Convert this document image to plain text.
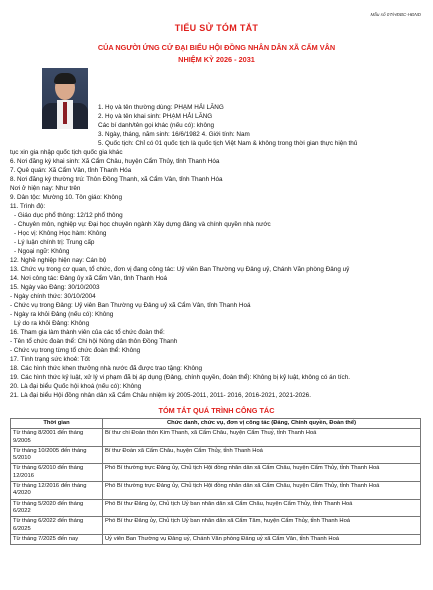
Mẫu số 07/HĐBC-HĐND
TIỂU SỬ TÓM TẮT
CỦA NGƯỜI ỨNG CỬ ĐẠI BIỂU HỘI ĐỒNG NHÂN DÂN XÃ CẨM VÂN
NHIỆM KỲ 2026 - 2031
1. Họ và tên thường dùng: PHẠM HẢI LĂNG
2. Họ và tên khai sinh: PHẠM HẢI LĂNG
Các bí danh/tên gọi khác (nếu có): không
3. Ngày, tháng, năm sinh: 16/6/1982 4. Giới tính: Nam
5. Quốc tịch: Chỉ có 01 quốc tịch là quốc tịch Việt Nam & không trong thời gian thực hiện thủ
tục xin gia nhập quốc tịch quốc gia khác
6. Nơi đăng ký khai sinh: Xã Cẩm Châu, huyện Cẩm Thủy, tỉnh Thanh Hóa
7. Quê quán: Xã Cẩm Vân, tỉnh Thanh Hóa
8. Nơi đăng ký thường trú: Thôn Đồng Thanh, xã Cẩm Vân, tỉnh Thanh Hóa
Nơi ở hiện nay: Như trên
9. Dân tộc: Mường 10. Tôn giáo: Không
11. Trình độ:
- Giáo dục phổ thông: 12/12 phổ thông
- Chuyên môn, nghiệp vụ: Đại học chuyên ngành Xây dựng đảng và chính quyền nhà nước
- Học vị: Không Học hàm: Không
- Lý luận chính trị: Trung cấp
- Ngoại ngữ: Không
12. Nghề nghiệp hiện nay: Cán bộ
13. Chức vụ trong cơ quan, tổ chức, đơn vị đang công tác: Uỷ viên Ban Thường vụ Đảng uỷ, Chánh Văn phòng Đảng uỷ
14. Nơi công tác: Đảng ủy xã Cẩm Vân, tỉnh Thanh Hoá
15. Ngày vào Đảng: 30/10/2003
- Ngày chính thức: 30/10/2004
- Chức vụ trong Đảng: Uỷ viên Ban Thường vụ Đảng uỷ xã Cẩm Vân, tỉnh Thanh Hoá
- Ngày ra khỏi Đảng (nếu có): Không
Lý do ra khỏi Đảng: Không
16. Tham gia làm thành viên của các tổ chức đoàn thể:
- Tên tổ chức đoàn thể: Chi hội Nông dân thôn Đồng Thanh
- Chức vụ trong từng tổ chức đoàn thể: Không
17. Tình trạng sức khoẻ: Tốt
18. Các hình thức khen thưởng nhà nước đã được trao tặng: Không
19. Các hình thức kỷ luật, xử lý vi phạm đã bị áp dụng (Đảng, chính quyền, đoàn thể): Không bị kỷ luật, không có án tích.
20. Là đại biểu Quốc hội khoá (nếu có): Không
21. Là đại biểu Hội đồng nhân dân xã Cẩm Châu nhiệm kỳ 2005-2011, 2011- 2016, 2016-2021, 2021-2026.
TÓM TẮT QUÁ TRÌNH CÔNG TÁC
Thời gian	Chức danh, chức vụ, đơn vị công tác (Đảng, Chính quyền, Đoàn thể)
Từ tháng 8/2001 đến tháng 9/2005	Bí thư chi Đoàn thôn Kim Thanh, xã Cẩm Châu, huyện Cẩm Thuỷ, tỉnh Thanh Hoá
Từ tháng 10/2005 đến tháng 5/2010	Bí thư Đoàn xã Cẩm Châu, huyện Cẩm Thủy, tỉnh Thanh Hoá
Từ tháng 6/2010 đến tháng 12/2016	Phó Bí thường trực Đảng ủy, Chủ tịch Hội đồng nhân dân xã Cẩm Châu, huyện Cẩm Thủy, tỉnh Thanh Hoá
Từ tháng 12/2016 đến tháng 4/2020	Phó Bí thường trực Đảng ủy, Chủ tịch Hội đồng nhân dân xã Cẩm Châu, huyện Cẩm Thủy, tỉnh Thanh Hoá
Từ tháng 5/2020 đến tháng 6/2022	Phó Bí thư Đảng ủy, Chủ tịch Uỷ ban nhân dân xã Cẩm Châu, huyện Cẩm Thủy, tỉnh Thanh Hoá
Từ tháng 6/2022 đến tháng 6/2025	Phó Bí thư Đảng ủy, Chủ tịch Uỷ ban nhân dân xã Cẩm Tâm, huyện Cẩm Thủy, tỉnh Thanh Hoá
Từ tháng 7/2025 đến nay	Uỷ viên Ban Thường vụ Đảng uỷ, Chánh Văn phòng Đảng uỷ xã Cẩm Vân, tỉnh Thanh Hoá
